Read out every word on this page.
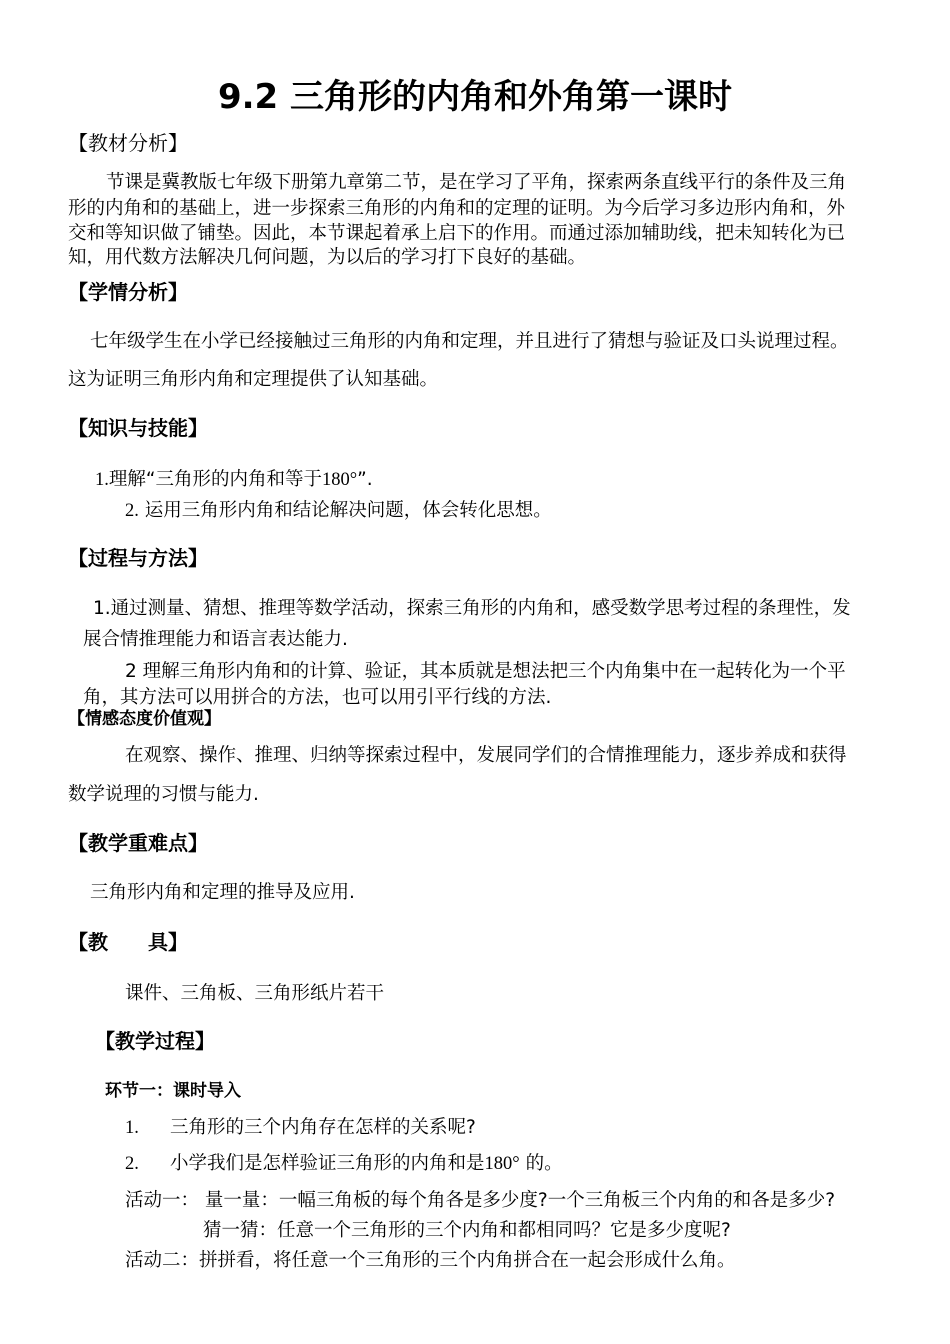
9.2 三角形的内角和外角第一课时
【教材分析】
节课是冀教版七年级下册第九章第二节，是在学习了平角，探索两条直线平行的条件及三角
形的内角和的基础上，进一步探索三角形的内角和的定理的证明。为今后学习多边形内角和，外
交和等知识做了铺垫。因此，本节课起着承上启下的作用。而通过添加辅助线，把未知转化为已
知，用代数方法解决几何问题，为以后的学习打下良好的基础。
【学情分析】
七年级学生在小学已经接触过三角形的内角和定理，并且进行了猜想与验证及口头说理过程。
这为证明三角形内角和定理提供了认知基础。
【知识与技能】
1.理解“三角形的内角和等于180°”.
2. 运用三角形内角和结论解决问题，体会转化思想。
【过程与方法】
1.通过测量、猜想、推理等数学活动，探索三角形的内角和，感受数学思考过程的条理性，发
展合情推理能力和语言表达能力.
2 理解三角形内角和的计算、验证，其本质就是想法把三个内角集中在一起转化为一个平
角，其方法可以用拼合的方法，也可以用引平行线的方法.
【情感态度价值观】
在观察、操作、推理、归纳等探索过程中，发展同学们的合情推理能力，逐步养成和获得
数学说理的习惯与能力.
【教学重难点】
三角形内角和定理的推导及应用.
【教　　具】
课件、三角板、三角形纸片若干
【教学过程】
环节一：课时导入
1. 三角形的三个内角存在怎样的关系呢?
2. 小学我们是怎样验证三角形的内角和是180° 的。
活动一： 量一量：一幅三角板的每个角各是多少度?一个三角板三个内角的和各是多少?
猜一猜：任意一个三角形的三个内角和都相同吗？它是多少度呢?
活动二：拼拼看，将任意一个三角形的三个内角拼合在一起会形成什么角。
